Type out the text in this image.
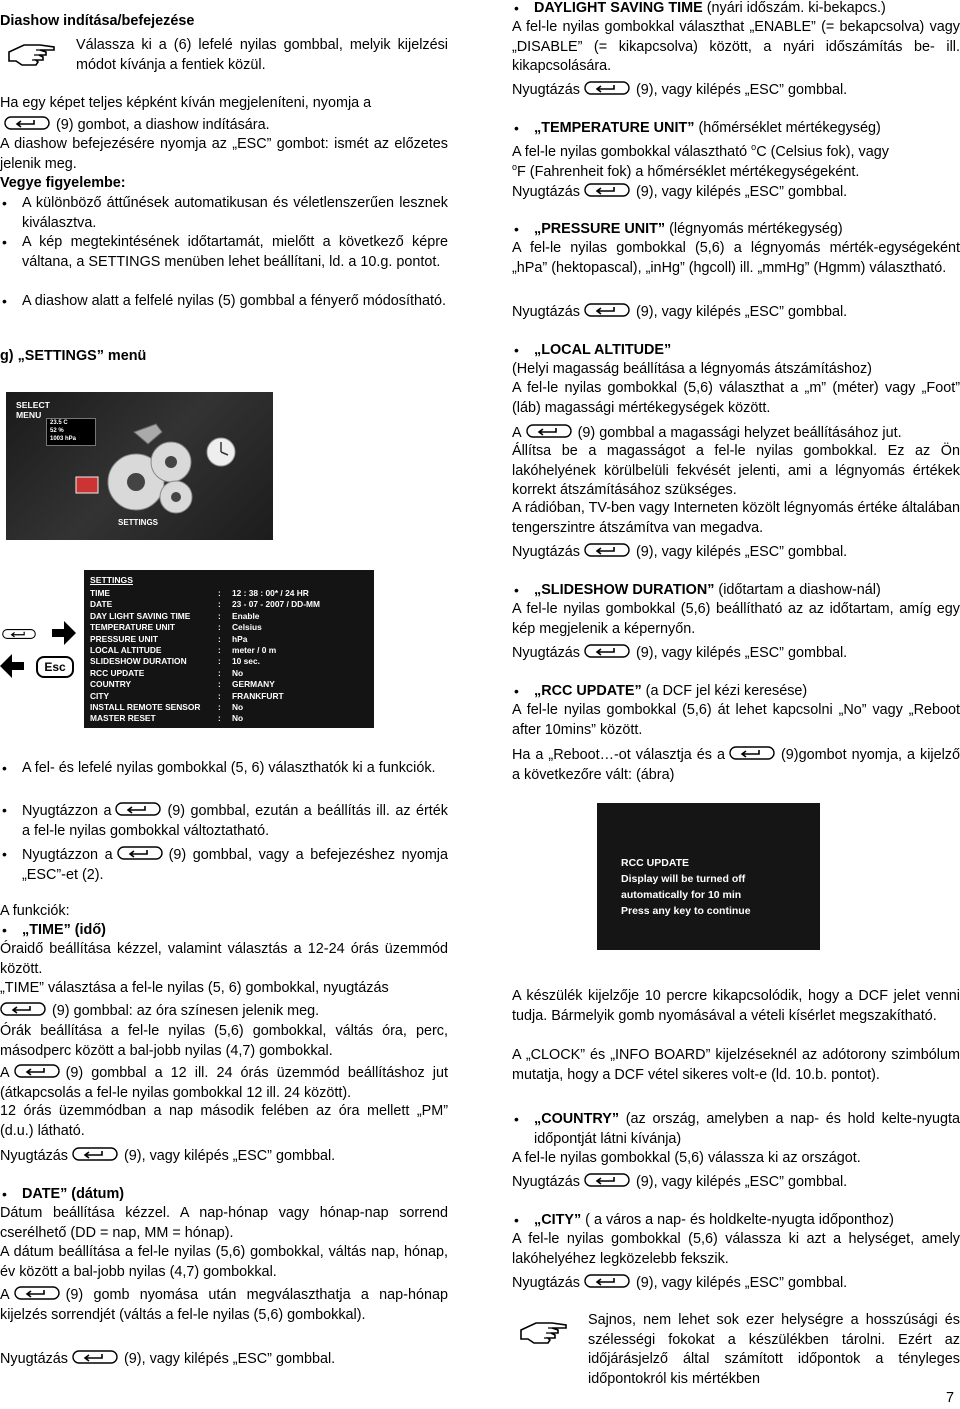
Diashow indítása/befejezése
Válassza ki a (6) lefelé nyilas gombbal, melyik kijelzési módot kívánja a fentiek közül.
Ha egy képet teljes képként kíván megjeleníteni, nyomja a
(9) gombot, a diashow indítására.
A diashow befejezésére nyomja az „ESC” gombot: ismét az előzetes jelenik meg.
Vegye figyelembe:
• A különböző áttűnések automatikusan és véletlenszerűen lesznek kiválasztva.
• A kép megtekintésének időtartamát, mielőtt a következő képre váltana, a SETTINGS menüben lehet beállítani, ld. a 10.g. pontot.
• A diashow alatt a felfelé nyilas (5) gombbal a fényerő módosítható.
g) „SETTINGS” menü
SELECT
MENU
23.5 C
52 %
1003 hPa
SETTINGS
Esc
SETTINGS
TIME	: 12 : 38 : 00* / 24 HR
DATE	: 23 - 07 - 2007 / DD-MM
DAY LIGHT SAVING TIME	: Enable
TEMPERATURE UNIT	: Celsius
PRESSURE UNIT	: hPa
LOCAL ALTITUDE	: meter / 0 m
SLIDESHOW DURATION	: 10 sec.
RCC UPDATE	: No
COUNTRY	: GERMANY
CITY	: FRANKFURT
INSTALL REMOTE SENSOR : No
MASTER RESET	: No
• A fel- és lefelé nyilas gombokkal (5, 6) választhatók ki a funkciók.
• Nyugtázzon a	(9) gombbal, ezután a beállítás ill. az érték a fel-le nyilas gombokkal változtatható.
• Nyugtázzon a	(9) gombbal, vagy a befejezéshez nyomja „ESC”-et (2).
A funkciók:
• „TIME” (idő)
Óraidő beállítása kézzel, valamint választás a 12-24 órás üzemmód között.
„TIME” választása a fel-le nyilas (5, 6) gombokkal, nyugtázás
(9) gombbal: az óra színesen jelenik meg.
Órák beállítása a fel-le nyilas (5,6) gombokkal, váltás óra, perc, másodperc között a bal-jobb nyilas (4,7) gombokkal.
A	(9) gombbal a 12 ill. 24 órás üzemmód beállításhoz jut (átkapcsolás a fel-le nyilas gombokkal 12 ill. 24 között).
12 órás üzemmódban a nap második felében az óra mellett „PM” (d.u.) látható.
Nyugtázás	(9), vagy kilépés „ESC” gombbal.
• DATE” (dátum)
Dátum beállítása kézzel. A nap-hónap vagy hónap-nap sorrend cserélhető (DD = nap, MM = hónap).
A dátum beállítása a fel-le nyilas (5,6) gombokkal, váltás nap, hónap, év között a bal-jobb nyilas (4,7) gombokkal.
A	(9) gomb nyomása után megválaszthatja a nap-hónap kijelzés sorrendjét (váltás a fel-le nyilas (5,6) gombokkal).
Nyugtázás	(9), vagy kilépés „ESC” gombbal.
• DAYLIGHT SAVING TIME (nyári időszám. ki-bekapcs.)
A fel-le nyilas gombokkal választhat „ENABLE” (= bekapcsolva) vagy „DISABLE” (= kikapcsolva) között, a nyári időszámítás be- ill. kikapcsolására.
Nyugtázás	(9), vagy kilépés „ESC” gombbal.
• „TEMPERATURE UNIT” (hőmérséklet mértékegység)
A fel-le nyilas gombokkal választható $^o$C (Celsius fok), vagy
$^o$F (Fahrenheit fok) a hőmérséklet mértékegységeként.
Nyugtázás	(9), vagy kilépés „ESC” gombbal.
• „PRESSURE UNIT” (légnyomás mértékegység)
A fel-le nyilas gombokkal (5,6) a légnyomás mérték-egységeként „hPa” (hektopascal), „inHg” (hgcoll) ill. „mmHg” (Hgmm) választható.
Nyugtázás	(9), vagy kilépés „ESC” gombbal.
• „LOCAL ALTITUDE”
(Helyi magasság beállítása a légnyomás átszámításhoz)
A fel-le nyilas gombokkal (5,6) választhat a „m” (méter) vagy „Foot” (láb) magassági mértékegységek között.
A	(9) gombbal a magassági helyzet beállításához jut.
Állítsa be a magasságot a fel-le nyilas gombokkal. Ez az Ön lakóhelyének körülbelüli fekvését jelenti, ami a légnyomás értékek korrekt átszámításához szükséges.
A rádióban, TV-ben vagy Interneten közölt légnyomás értéke általában tengerszintre átszámítva van megadva.
Nyugtázás	(9), vagy kilépés „ESC” gombbal.
• „SLIDESHOW DURATION” (időtartam a diashow-nál)
A fel-le nyilas gombokkal (5,6) beállítható az az időtartam, amíg egy kép megjelenik a képernyőn.
Nyugtázás	(9), vagy kilépés „ESC” gombbal.
• „RCC UPDATE” (a DCF jel kézi keresése)
A fel-le nyilas gombokkal (5,6) át lehet kapcsolni „No” vagy „Reboot after 10mins” között.
Ha a „Reboot…-ot választja és a	(9)gombot nyomja, a kijelző a következőre vált: (ábra)
RCC UPDATE
Display will be turned off
automatically for 10 min
Press any key to continue
A készülék kijelzője 10 percre kikapcsolódik, hogy a DCF jelet venni tudja. Bármelyik gomb nyomásával a vételi kísérlet megszakítható.
A „CLOCK” és „INFO BOARD” kijelzéseknél az adótorony szimbólum mutatja, hogy a DCF vétel sikeres volt-e (ld. 10.b. pontot).
• „COUNTRY” (az ország, amelyben a nap- és hold kelte-nyugta időpontját látni kívánja)
A fel-le nyilas gombokkal (5,6) válassza ki az országot.
Nyugtázás	(9), vagy kilépés „ESC” gombbal.
• „CITY” ( a város a nap- és holdkelte-nyugta időponthoz)
A fel-le nyilas gombokkal (5,6) válassza ki azt a helységet, amely lakóhelyéhez legközelebb fekszik.
Nyugtázás	(9), vagy kilépés „ESC” gombbal.
Sajnos, nem lehet sok ezer helységre a hosszúsági és szélességi fokokat a készülékben tárolni. Ezért az időjárásjelző által számított időpontok a tényleges időpontokról kis mértékben
7
